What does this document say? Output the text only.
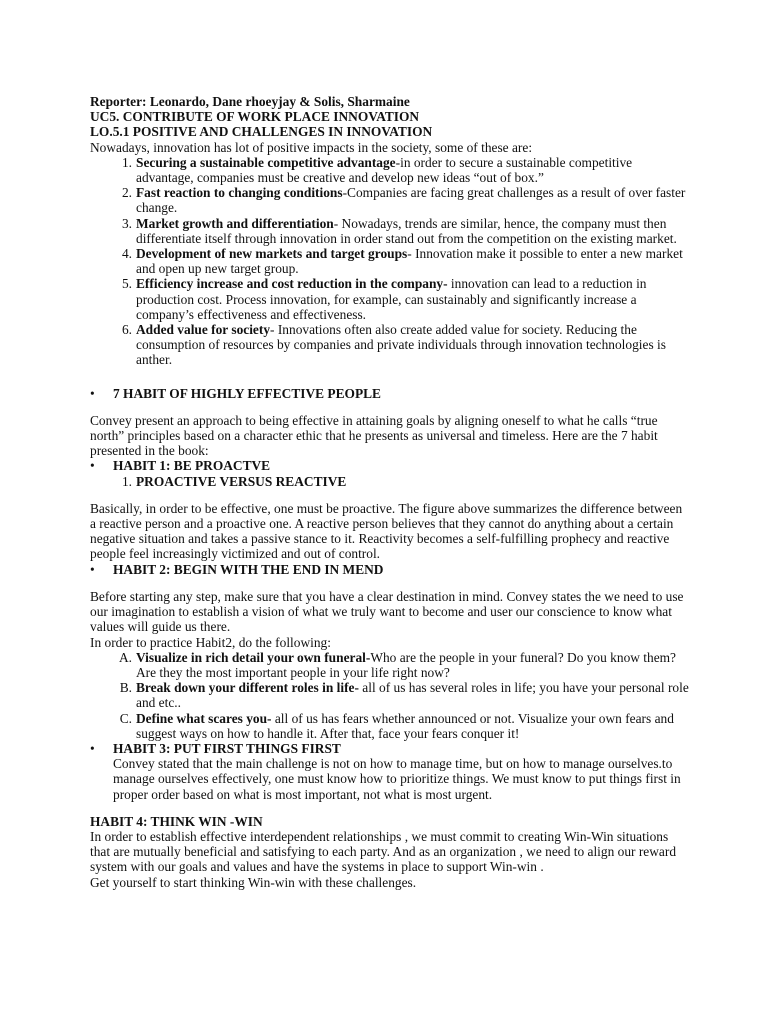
Reporter: Leonardo, Dane rhoeyjay & Solis, Sharmaine

UC5. CONTRIBUTE OF WORK PLACE INNOVATION

LO.5.1 POSITIVE AND CHALLENGES IN INNOVATION

Nowadays, innovation has lot of positive impacts in the society, some of these are:

1. Securing a sustainable competitive advantage-in order to secure a sustainable competitive advantage, companies must be creative and develop new ideas “out of box.”
2. Fast reaction to changing conditions-Companies are facing great challenges as a result of over faster change.
3. Market growth and differentiation- Nowadays, trends are similar, hence, the company must then differentiate itself through innovation in order stand out from the competition on the existing market.
4. Development of new markets and target groups- Innovation make it possible to enter a new market and open up new target group.
5. Efficiency increase and cost reduction in the company- innovation can lead to a reduction in production cost. Process innovation, for example, can sustainably and significantly increase a company’s effectiveness and effectiveness.
6. Added value for society- Innovations often also create added value for society. Reducing the consumption of resources by companies and private individuals through innovation technologies is anther.
• 7 HABIT OF HIGHLY EFFECTIVE PEOPLE

Convey present an approach to being effective in attaining goals by aligning oneself to what he calls “true north” principles based on a character ethic that he presents as universal and timeless. Here are the 7 habit presented in the book:

• HABIT 1: BE PROACTVE
1. PROACTIVE VERSUS REACTIVE

Basically, in order to be effective, one must be proactive. The figure above summarizes the difference between a reactive person and a proactive one. A reactive person believes that they cannot do anything about a certain negative situation and takes a passive stance to it. Reactivity becomes a self-fulfilling prophecy and reactive people feel increasingly victimized and out of control.

• HABIT 2: BEGIN WITH THE END IN MEND

Before starting any step, make sure that you have a clear destination in mind. Convey states the we need to use our imagination to establish a vision of what we truly want to become and user our conscience to know what values will guide us there.

In order to practice Habit2, do the following:

A. Visualize in rich detail your own funeral-Who are the people in your funeral? Do you know them? Are they the most important people in your life right now?
B. Break down your different roles in life- all of us has several roles in life; you have your personal role and etc..
C. Define what scares you- all of us has fears whether announced or not. Visualize your own fears and suggest ways on how to handle it. After that, face your fears conquer it!
• HABIT 3: PUT FIRST THINGS FIRST

Convey stated that the main challenge is not on how to manage time, but on how to manage ourselves.to manage ourselves effectively, one must know how to prioritize things. We must know to put things first in proper order based on what is most important, not what is most urgent.

HABIT 4: THINK WIN -WIN

In order to establish effective interdependent relationships , we must commit to creating Win-Win situations that are mutually beneficial and satisfying to each party. And as an organization , we need to align our reward system with our goals and values and have the systems in place to support Win-win .

Get yourself to start thinking Win-win with these challenges.
